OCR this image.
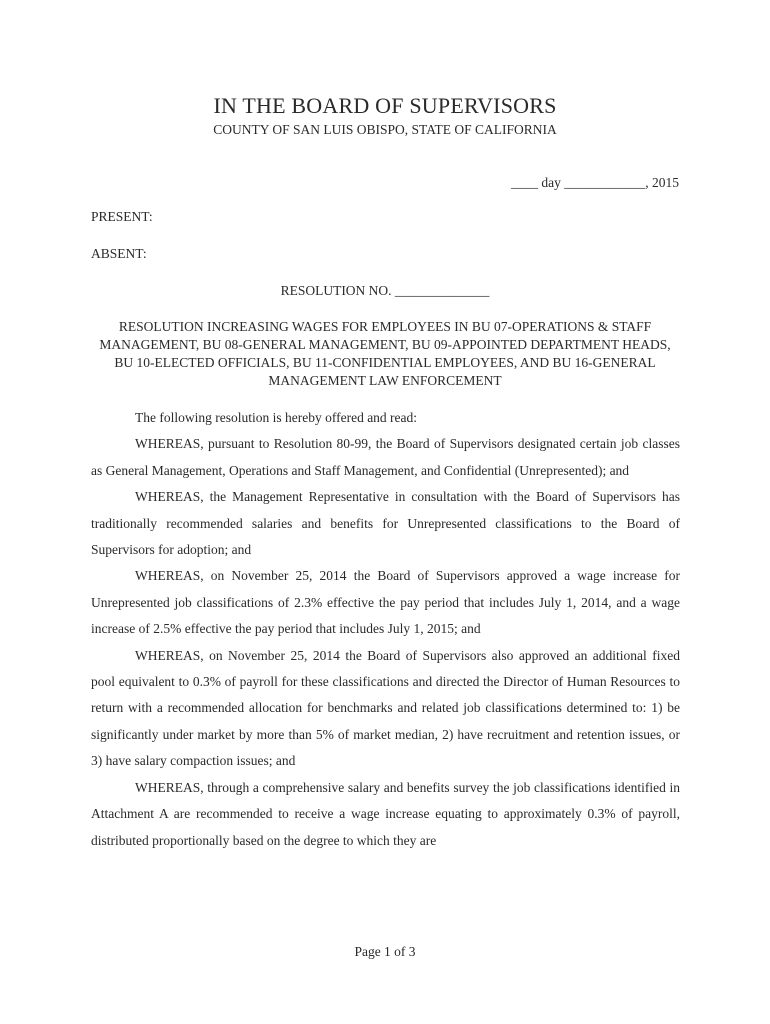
IN THE BOARD OF SUPERVISORS
COUNTY OF SAN LUIS OBISPO, STATE OF CALIFORNIA
____ day ____________, 2015
PRESENT:
ABSENT:
RESOLUTION NO. ______________
RESOLUTION INCREASING WAGES FOR EMPLOYEES IN BU 07-OPERATIONS & STAFF MANAGEMENT, BU 08-GENERAL MANAGEMENT, BU 09-APPOINTED DEPARTMENT HEADS, BU 10-ELECTED OFFICIALS, BU 11-CONFIDENTIAL EMPLOYEES, AND BU 16-GENERAL MANAGEMENT LAW ENFORCEMENT

The following resolution is hereby offered and read:

WHEREAS, pursuant to Resolution 80-99, the Board of Supervisors designated certain job classes as General Management, Operations and Staff Management, and Confidential (Unrepresented); and

WHEREAS, the Management Representative in consultation with the Board of Supervisors has traditionally recommended salaries and benefits for Unrepresented classifications to the Board of Supervisors for adoption; and

WHEREAS, on November 25, 2014 the Board of Supervisors approved a wage increase for Unrepresented job classifications of 2.3% effective the pay period that includes July 1, 2014, and a wage increase of 2.5% effective the pay period that includes July 1, 2015; and

WHEREAS, on November 25, 2014 the Board of Supervisors also approved an additional fixed pool equivalent to 0.3% of payroll for these classifications and directed the Director of Human Resources to return with a recommended allocation for benchmarks and related job classifications determined to: 1) be significantly under market by more than 5% of market median, 2) have recruitment and retention issues, or 3) have salary compaction issues; and

WHEREAS, through a comprehensive salary and benefits survey the job classifications identified in Attachment A are recommended to receive a wage increase equating to approximately 0.3% of payroll, distributed proportionally based on the degree to which they are

Page 1 of 3
